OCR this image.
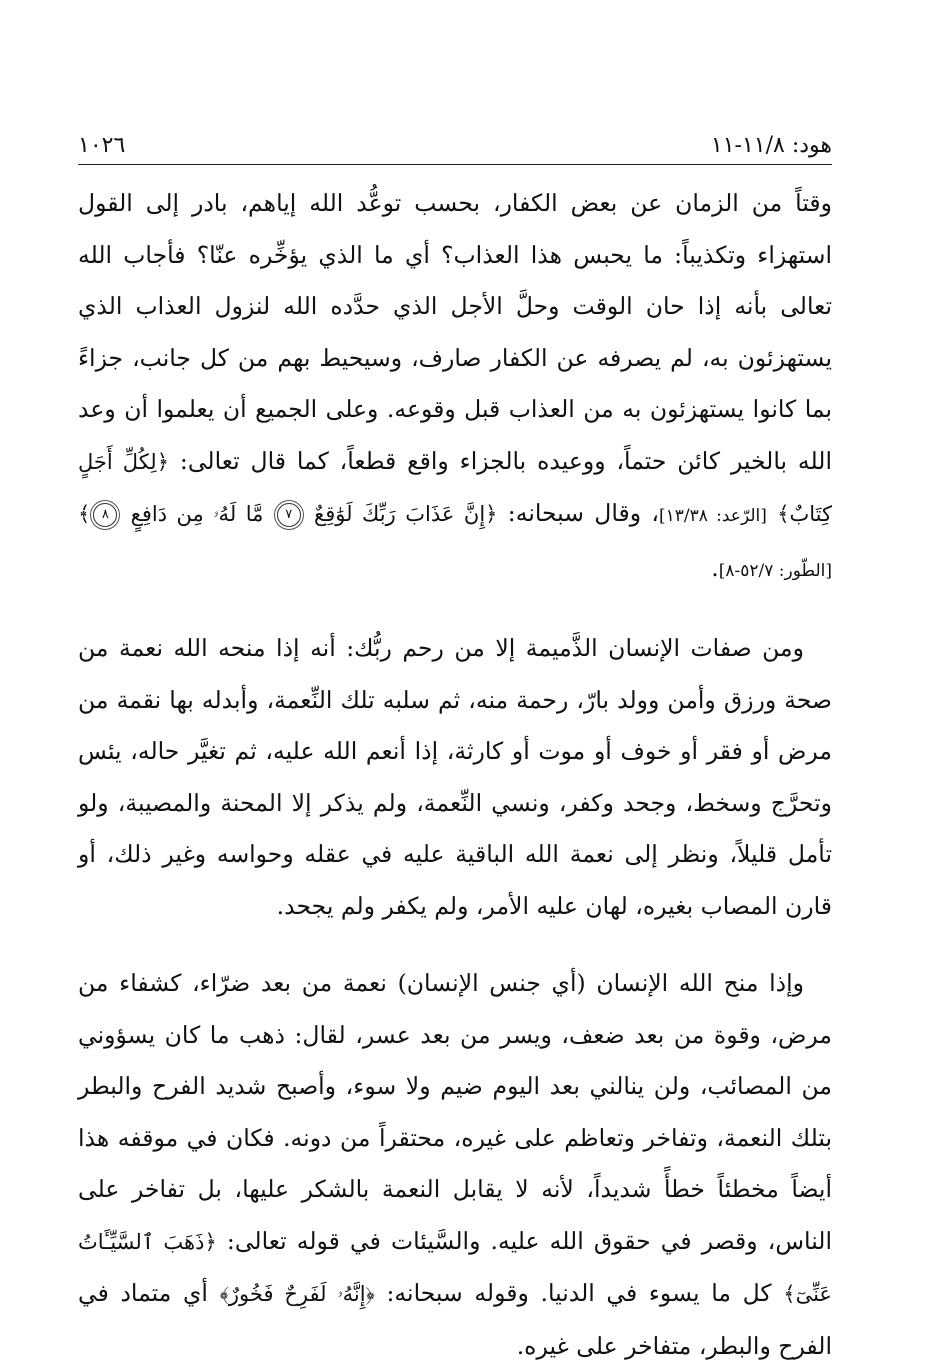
هود: ١١/٨-١١
١٠٢٦

وقتاً من الزمان عن بعض الكفار، بحسب توعُّد الله إياهم، بادر إلى القول استهزاء وتكذيباً: ما يحبس هذا العذاب؟ أي ما الذي يؤخِّره عنّا؟ فأجاب الله تعالى بأنه إذا حان الوقت وحلَّ الأجل الذي حدَّده الله لنزول العذاب الذي يستهزئون به، لم يصرفه عن الكفار صارف، وسيحيط بهم من كل جانب، جزاءً بما كانوا يستهزئون به من العذاب قبل وقوعه. وعلى الجميع أن يعلموا أن وعد الله بالخير كائن حتماً، ووعيده بالجزاء واقع قطعاً، كما قال تعالى: ﴿لِكُلِّ أَجَلٍ كِتَابٌ﴾ [الرّعد: ١٣/٣٨]، وقال سبحانه: ﴿إِنَّ عَذَابَ رَبِّكَ لَوَٰقِعٌ ٧ مَّا لَهُۥ مِن دَافِعٍ ٨﴾ [الطّور: ٥٢/٧-٨].

ومن صفات الإنسان الذَّميمة إلا من رحم ربُّك: أنه إذا منحه الله نعمة من صحة ورزق وأمن وولد بارّ، رحمة منه، ثم سلبه تلك النِّعمة، وأبدله بها نقمة من مرض أو فقر أو خوف أو موت أو كارثة، إذا أنعم الله عليه، ثم تغيَّر حاله، يئس وتحرَّج وسخط، وجحد وكفر، ونسي النِّعمة، ولم يذكر إلا المحنة والمصيبة، ولو تأمل قليلاً، ونظر إلى نعمة الله الباقية عليه في عقله وحواسه وغير ذلك، أو قارن المصاب بغيره، لهان عليه الأمر، ولم يكفر ولم يجحد.

وإذا منح الله الإنسان (أي جنس الإنسان) نعمة من بعد ضرّاء، كشفاء من مرض، وقوة من بعد ضعف، ويسر من بعد عسر، لقال: ذهب ما كان يسؤوني من المصائب، ولن ينالني بعد اليوم ضيم ولا سوء، وأصبح شديد الفرح والبطر بتلك النعمة، وتفاخر وتعاظم على غيره، محتقراً من دونه. فكان في موقفه هذا أيضاً مخطئاً خطأً شديداً، لأنه لا يقابل النعمة بالشكر عليها، بل تفاخر على الناس، وقصر في حقوق الله عليه. والسَّيئات في قوله تعالى: ﴿ذَهَبَ ٱلسَّيِّـَٔاتُ عَنِّىٓ﴾ كل ما يسوء في الدنيا. وقوله سبحانه: ﴿إِنَّهُۥ لَفَرِحٌ فَخُورٌ﴾ أي متماد في الفرح والبطر، متفاخر على غيره.
